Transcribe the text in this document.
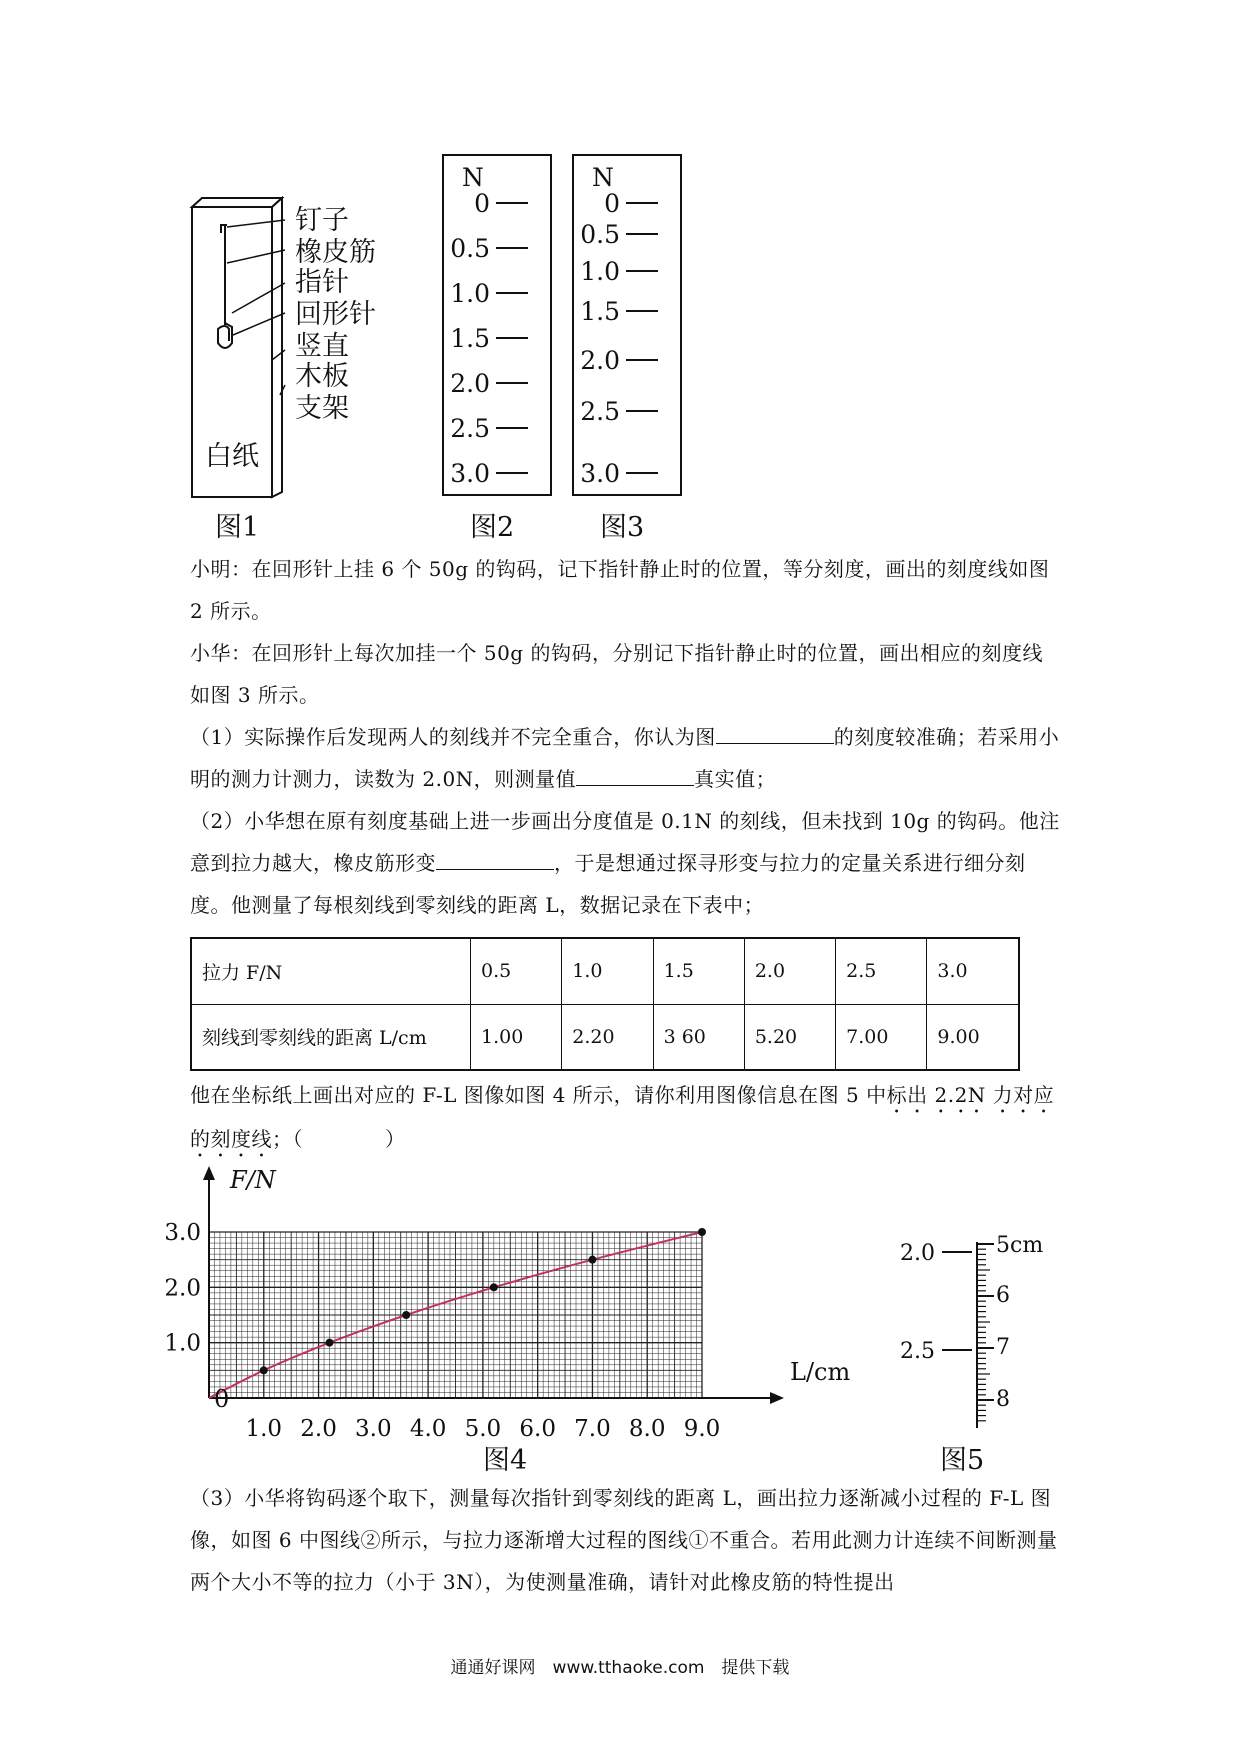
白纸
钉子
橡皮筋
指针
回形针
竖直
木板
支架
图1
N
0
0.5
1.0
1.5
2.0
2.5
3.0
图2
N
0
0.5
1.0
1.5
2.0
2.5
3.0
图3

小明：在回形针上挂 6 个 50g 的钩码，记下指针静止时的位置，等分刻度，画出的刻度线如图 2 所示。

小华：在回形针上每次加挂一个 50g 的钩码，分别记下指针静止时的位置，画出相应的刻度线如图 3 所示。

（1）实际操作后发现两人的刻线并不完全重合，你认为图	的刻度较准确；若采用小明的测力计测力，读数为 2.0N，则测量值	真实值；

（2）小华想在原有刻度基础上进一步画出分度值是 0.1N 的刻线，但未找到 10g 的钩码。他注意到拉力越大，橡皮筋形变	，于是想通过探寻形变与拉力的定量关系进行细分刻度。他测量了每根刻线到零刻线的距离 L，数据记录在下表中；

拉力 F/N	0.5	1.0	1.5	2.0	2.5	3.0
刻线到零刻线的距离 L/cm	1.00	2.20	3 60	5.20	7.00	9.00

他在坐标纸上画出对应的 F-L 图像如图 4 所示，请你利用图像信息在图 5 中标出 2.2N 力对应的刻度线；（　　　　）

1.0 2.0 3.0 4.0 5.0 6.0 7.0 8.0 9.0
1.0
2.0
3.0
F/N
L/cm
0
图4
2.0
2.5
5cm
6
7
8
图5

（3）小华将钩码逐个取下，测量每次指针到零刻线的距离 L，画出拉力逐渐减小过程的 F-L 图像，如图 6 中图线②所示，与拉力逐渐增大过程的图线①不重合。若用此测力计连续不间断测量两个大小不等的拉力（小于 3N），为使测量准确，请针对此橡皮筋的特性提出

通通好课网　www.tthaoke.com　提供下载
